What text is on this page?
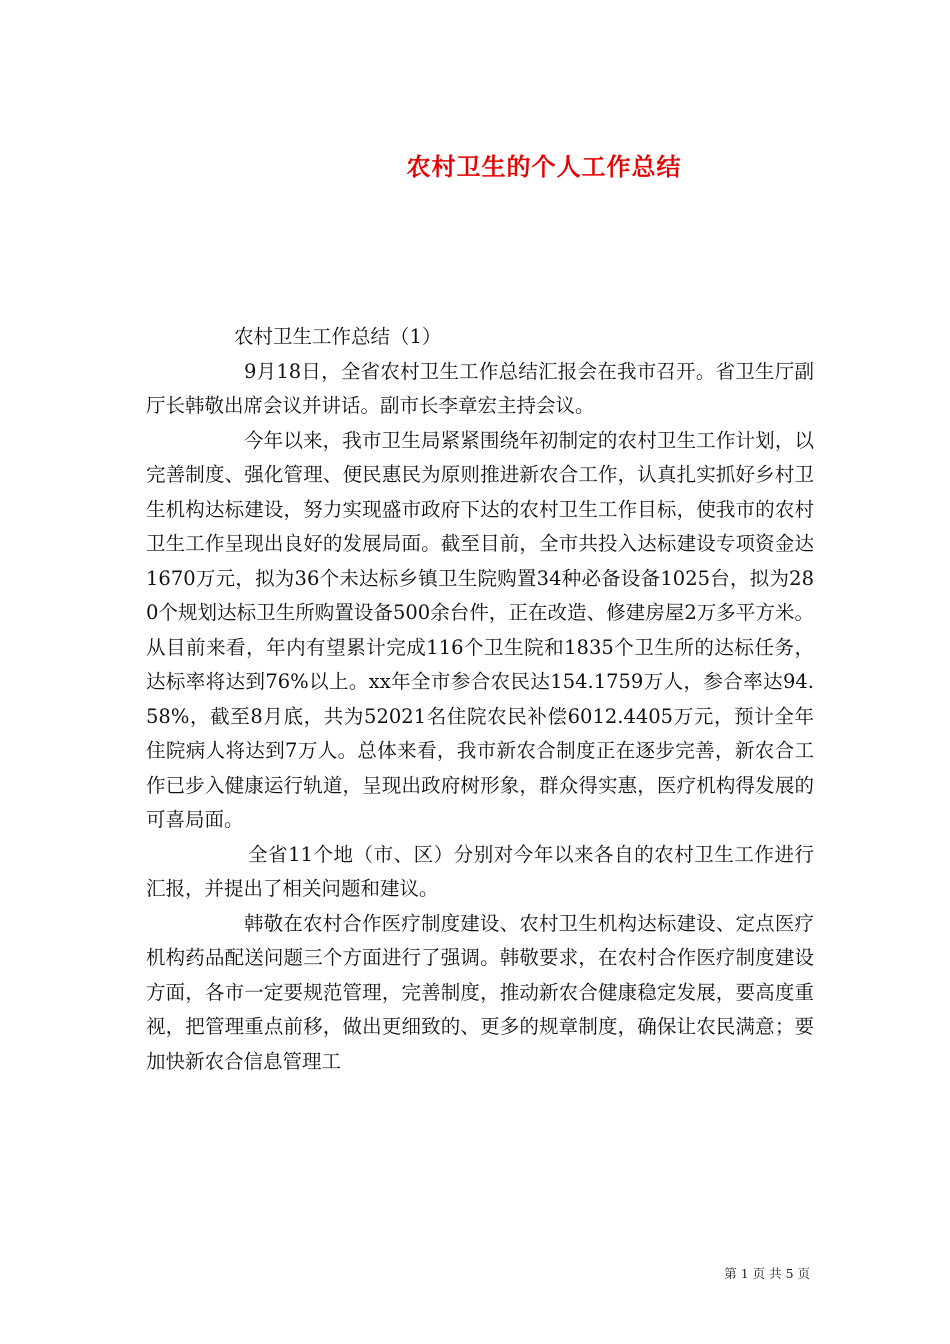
农村卫生的个人工作总结

农村卫生工作总结（1）

9月18日，全省农村卫生工作总结汇报会在我市召开。省卫生厅副厅长韩敬出席会议并讲话。副市长李章宏主持会议。

今年以来，我市卫生局紧紧围绕年初制定的农村卫生工作计划，以完善制度、强化管理、便民惠民为原则推进新农合工作，认真扎实抓好乡村卫生机构达标建设，努力实现盛市政府下达的农村卫生工作目标，使我市的农村卫生工作呈现出良好的发展局面。截至目前，全市共投入达标建设专项资金达1670万元，拟为36个未达标乡镇卫生院购置34种必备设备1025台，拟为280个规划达标卫生所购置设备500余台件，正在改造、修建房屋2万多平方米。从目前来看，年内有望累计完成116个卫生院和1835个卫生所的达标任务，达标率将达到76%以上。xx年全市参合农民达154.1759万人，参合率达94.58%，截至8月底，共为52021名住院农民补偿6012.4405万元，预计全年住院病人将达到7万人。总体来看，我市新农合制度正在逐步完善，新农合工作已步入健康运行轨道，呈现出政府树形象，群众得实惠，医疗机构得发展的可喜局面。

全省11个地（市、区）分别对今年以来各自的农村卫生工作进行汇报，并提出了相关问题和建议。

韩敬在农村合作医疗制度建设、农村卫生机构达标建设、定点医疗机构药品配送问题三个方面进行了强调。韩敬要求，在农村合作医疗制度建设方面，各市一定要规范管理，完善制度，推动新农合健康稳定发展，要高度重视，把管理重点前移，做出更细致的、更多的规章制度，确保让农民满意；要加快新农合信息管理工

第 1 页 共 5 页
